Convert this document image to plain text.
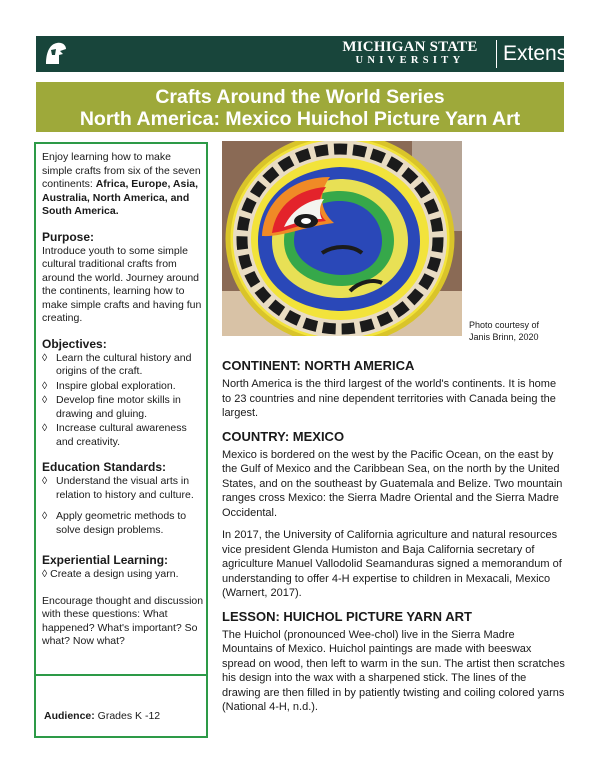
MICHIGAN STATE
UNIVERSITY	Extension
Crafts Around the World Series
North America: Mexico Huichol Picture Yarn Art

Enjoy learning how to make simple crafts from six of the seven continents: Africa, Europe, Asia, Australia, North America, and South America.

Purpose:

Introduce youth to some simple cultural traditional crafts from around the world. Journey around the continents, learning how to make simple crafts and having fun creating.

Objectives:
◊ Learn the cultural history and origins of the craft.
◊ Inspire global exploration.
◊ Develop fine motor skills in drawing and gluing.
◊ Increase cultural awareness and creativity.
Education Standards:
◊ Understand the visual arts in relation to history and culture.
◊ Apply geometric methods to solve design problems.
Experiential Learning:

◊ Create a design using yarn.

Encourage thought and discussion with these questions: What happened? What's important? So what? Now what?

Audience: Grades K -12
Photo courtesy of
Janis Brinn, 2020
CONTINENT: NORTH AMERICA

North America is the third largest of the world's continents. It is home to 23 countries and nine dependent territories with Canada being the largest.

COUNTRY: MEXICO

Mexico is bordered on the west by the Pacific Ocean, on the east by the Gulf of Mexico and the Caribbean Sea, on the north by the United States, and on the southeast by Guatemala and Belize. Two mountain ranges cross Mexico: the Sierra Madre Oriental and the Sierra Madre Occidental.

In 2017, the University of California agriculture and natural resources vice president Glenda Humiston and Baja California secretary of agriculture Manuel Vallodolid Seamanduras signed a memorandum of understanding to offer 4-H expertise to children in Mexacali, Mexico (Warnert, 2017).

LESSON: HUICHOL PICTURE YARN ART

The Huichol (pronounced Wee-chol) live in the Sierra Madre Mountains of Mexico. Huichol paintings are made with beeswax spread on wood, then left to warm in the sun. The artist then scratches his design into the wax with a sharpened stick. The lines of the drawing are then filled in by patiently twisting and coiling colored yarns (National 4-H, n.d.).
